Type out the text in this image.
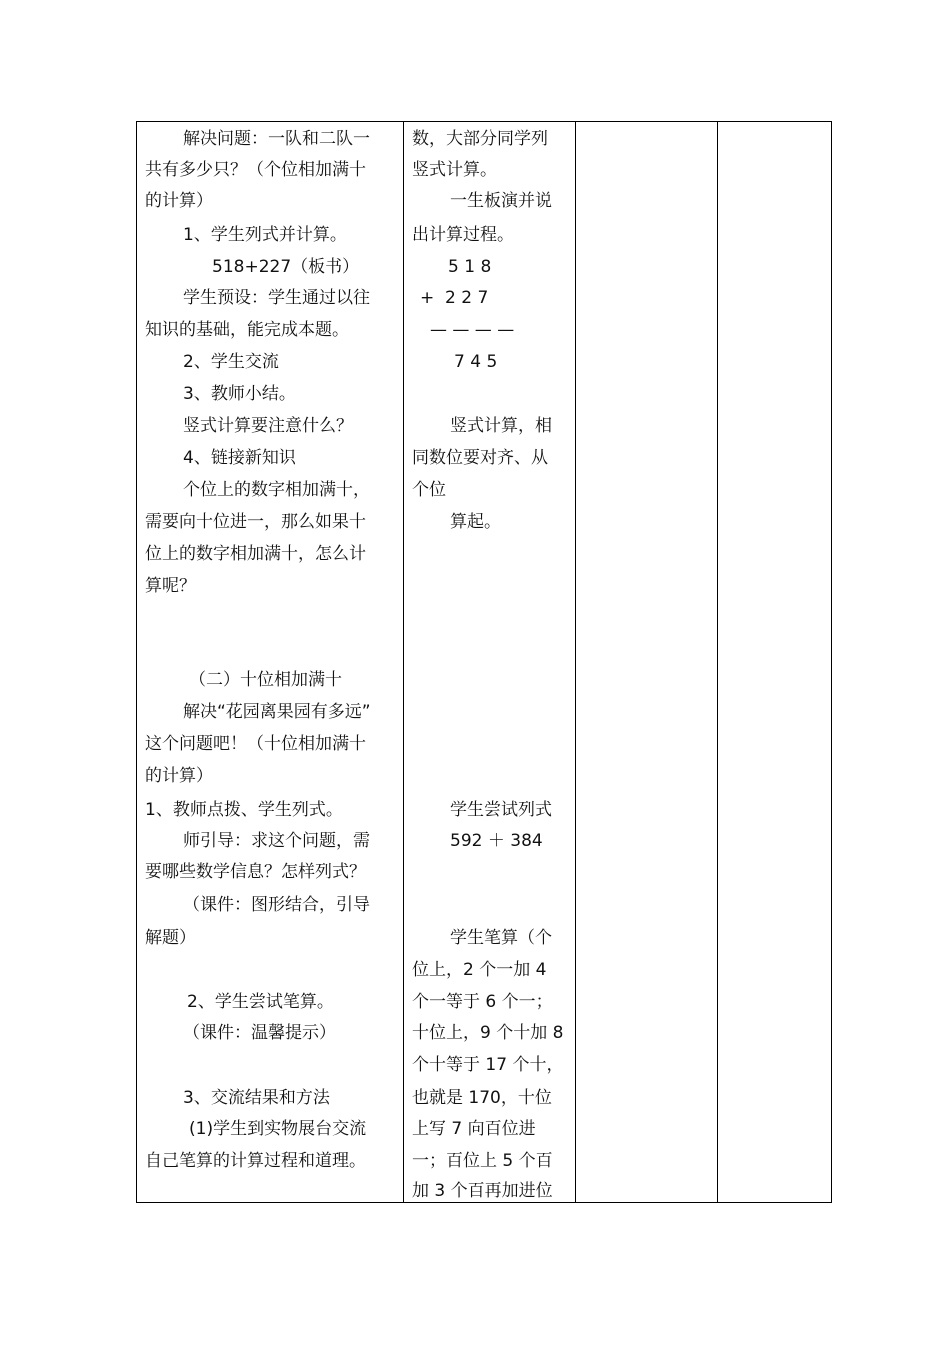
解决问题：一队和二队一
共有多少只？（个位相加满十
的计算）
1、学生列式并计算。
518+227（板书）
学生预设：学生通过以往
知识的基础，能完成本题。
2、学生交流
3、教师小结。
竖式计算要注意什么？
4、链接新知识
个位上的数字相加满十，
需要向十位进一，那么如果十
位上的数字相加满十，怎么计
算呢？
（二）十位相加满十
解决“花园离果园有多远”
这个问题吧！（十位相加满十
的计算）
1、教师点拨、学生列式。
师引导：求这个问题，需
要哪些数学信息？怎样列式？
（课件：图形结合，引导
解题）
2、学生尝试笔算。
（课件：温馨提示）
3、交流结果和方法
(1)学生到实物展台交流
自己笔算的计算过程和道理。
数，大部分同学列
竖式计算。
一生板演并说
出计算过程。
5 1 8
+  2 2 7
— — — —
7 4 5
竖式计算，相
同数位要对齐、从
个位
算起。
学生尝试列式
592 ＋ 384
学生笔算（个
位上，2 个一加 4
个一等于 6 个一；
十位上，9 个十加 8
个十等于 17 个十，
也就是 170，十位
上写 7 向百位进
一；百位上 5 个百
加 3 个百再加进位
